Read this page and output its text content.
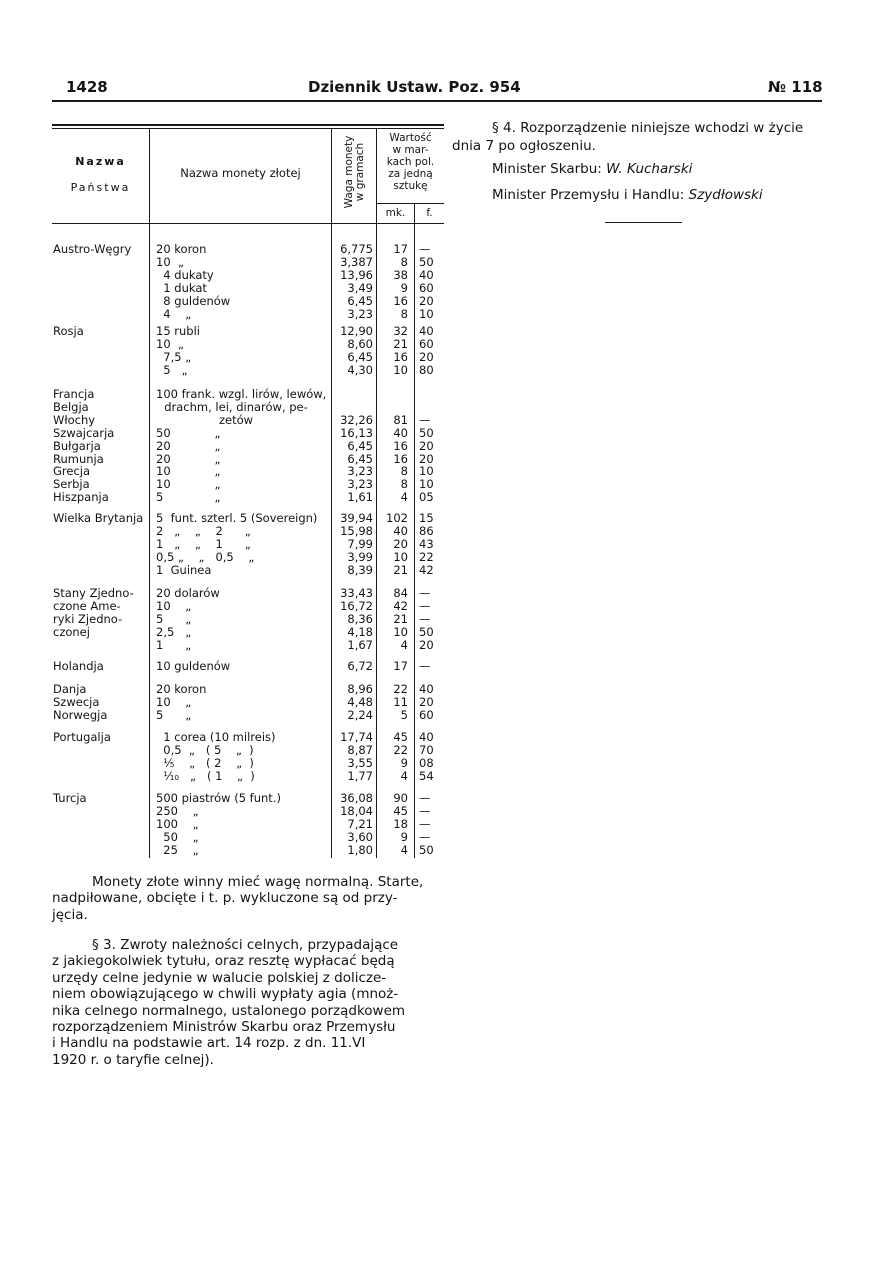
1428	Dziennik Ustaw. Poz. 954	№ 118
Nazwa
Państwa
Nazwa monety złotej	Waga monety w gramach
Wartość
w mar-
kach pol.
za jedną
sztukę
mk.	f.
Austro-Węgry 20 koron	6,775	17 —
10  „	3,387	8 50
4 dukaty	13,96	38 40
1 dukat	3,49	9 60
8 guldenów	6,45	16 20
4    „	3,23	8 10
Rosja	15 rubli	12,90	32 40
10  „	8,60	21 60
7,5 „	6,45	16 20
5   „	4,30	10 80
Francja
Belgja
Włochy
Szwajcarja
Bułgarja
Rumunja
Grecja
Serbja
Hiszpanja
100 frank. wzgl. lirów, lewów,
drachm, lei, dinarów, pe-
zetów	32,26	81 —
50            „	16,13	40 50
20            „	6,45	16 20
20            „	6,45	16 20
10            „	3,23	8 10
10            „	3,23	8 10
5              „	1,61	4 05
Wielka Brytanja 5  funt. szterl. 5 (Sovereign)	39,94	102 15
2   „    „    2      „	15,98	40 86
1   „    „    1      „	7,99	20 43
0,5 „    „   0,5    „	3,99	10 22
1  Guinea	8,39	21 42
Stany Zjedno-
czone Ame-
ryki Zjedno-
czonej
20 dolarów	33,43	84 —
10    „	16,72	42 —
5      „	8,36	21 —
2,5   „	4,18	10 50
1      „	1,67	4 20
Holandja	10 guldenów	6,72	17 —
Danja
Szwecja
Norwegja
20 koron	8,96	22 40
10    „	4,48	11 20
5      „	2,24	5 60
Portugalja	1 corea (10 milreis)	17,74	45 40
0,5  „   ( 5    „  )	8,87	22 70
⅕    „   ( 2    „  )	3,55	9 08
⅒   „   ( 1    „  )	1,77	4 54
Turcja	500 piastrów (5 funt.)	36,08	90 —
250    „	18,04	45 —
100    „	7,21	18 —
50    „	3,60	9 —
25    „	1,80	4 50
Monety złote winny mieć wagę normalną. Starte,
nadpiłowane, obcięte i t. p. wykluczone są od przy-
jęcia.
§ 3. Zwroty należności celnych, przypadające
z jakiegokolwiek tytułu, oraz resztę wypłacać będą
urzędy celne jedynie w walucie polskiej z dolicze-
niem obowiązującego w chwili wypłaty agia (mnoż-
nika celnego normalnego, ustalonego porządkowem
rozporządzeniem Ministrów Skarbu oraz Przemysłu
i Handlu na podstawie art. 14 rozp. z dn. 11.VI
1920 r. o taryfie celnej).
§ 4. Rozporządzenie niniejsze wchodzi w życie
dnia 7 po ogłoszeniu.
Minister Skarbu: W. Kucharski
Minister Przemysłu i Handlu: Szydłowski
